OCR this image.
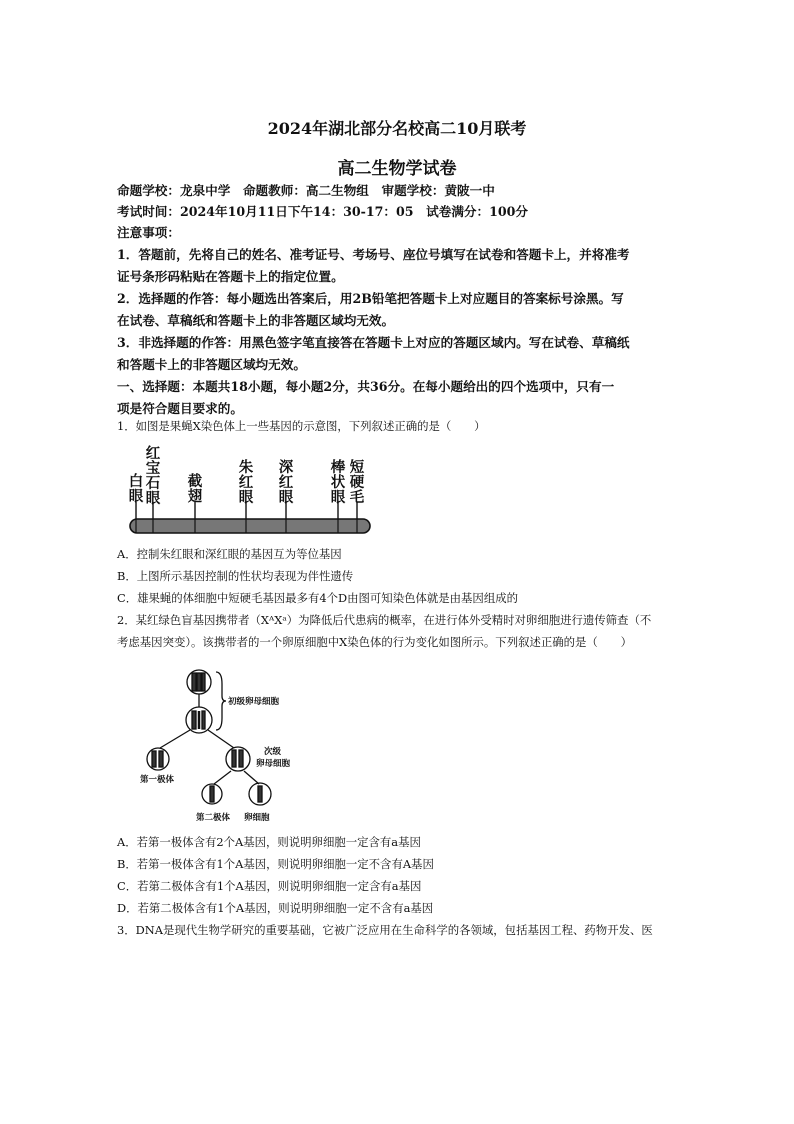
2024年湖北部分名校高二10月联考
高二生物学试卷
命题学校：龙泉中学　命题教师：高二生物组　审题学校：黄陂一中
考试时间：2024年10月11日下午14：30-17：05　试卷满分：100分
注意事项：
1．答题前，先将自己的姓名、准考证号、考场号、座位号填写在试卷和答题卡上，并将准考
证号条形码粘贴在答题卡上的指定位置。
2．选择题的作答：每小题选出答案后，用2B铅笔把答题卡上对应题目的答案标号涂黑。写
在试卷、草稿纸和答题卡上的非答题区域均无效。
3．非选择题的作答：用黑色签字笔直接答在答题卡上对应的答题区域内。写在试卷、草稿纸
和答题卡上的非答题区域均无效。
一、选择题：本题共18小题，每小题2分，共36分。在每小题给出的四个选项中，只有一
项是符合题目要求的。
1．如图是果蝇X染色体上一些基因的示意图，下列叙述正确的是（　　）
白
眼
红
宝
石
眼
截
翅
朱
红
眼
深
红
眼
棒
状
眼
短
硬
毛
A．控制朱红眼和深红眼的基因互为等位基因
B．上图所示基因控制的性状均表现为伴性遗传
C．雄果蝇的体细胞中短硬毛基因最多有4个D由图可知染色体就是由基因组成的
2．某红绿色盲基因携带者（XᴬXᵃ）为降低后代患病的概率，在进行体外受精时对卵细胞进行遗传筛查（不
考虑基因突变）。该携带者的一个卵原细胞中X染色体的行为变化如图所示。下列叙述正确的是（　　）
初级卵母细胞
次级
卵母细胞
第一极体
第二极体 卵细胞
A．若第一极体含有2个A基因，则说明卵细胞一定含有a基因
B．若第一极体含有1个A基因，则说明卵细胞一定不含有A基因
C．若第二极体含有1个A基因，则说明卵细胞一定含有a基因
D．若第二极体含有1个A基因，则说明卵细胞一定不含有a基因
3．DNA是现代生物学研究的重要基础，它被广泛应用在生命科学的各领域，包括基因工程、药物开发、医
